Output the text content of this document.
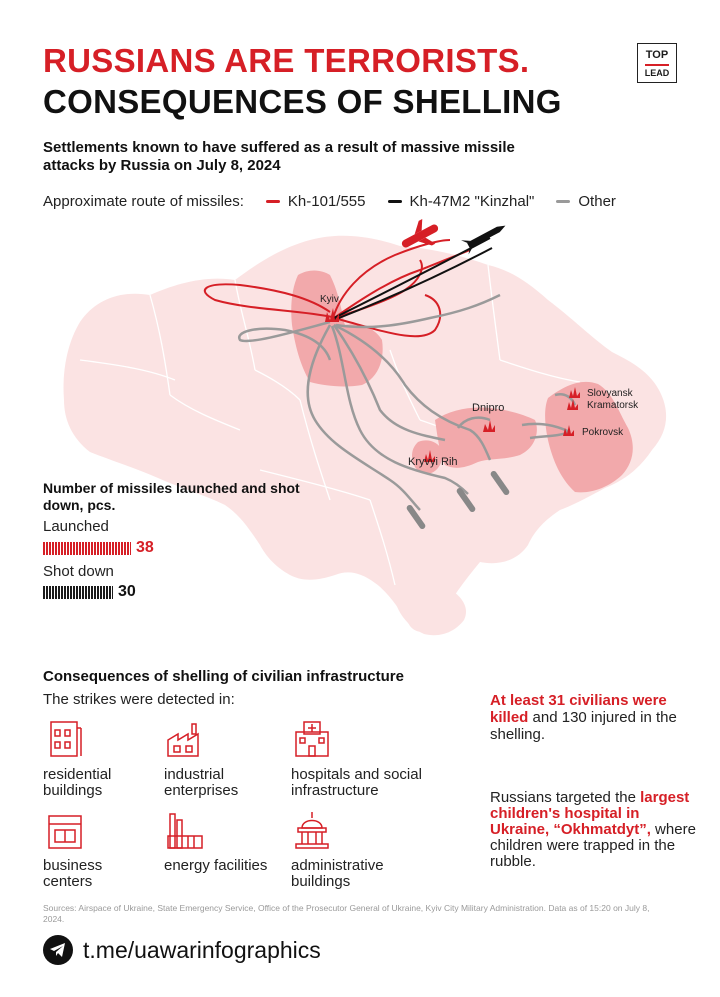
RUSSIANS ARE TERRORISTS.
CONSEQUENCES OF SHELLING
TOP
LEAD
Settlements known to have suffered as a result of massive missile attacks by Russia on July 8, 2024
Approximate route of missiles:	Kh-101/555	Kh-47M2 "Kinzhal"	Other
Kyiv
Dnipro
Kryvyi Rih
Slovyansk
Kramatorsk
Pokrovsk
Number of missiles launched and shot down, pcs.
Launched
38
Shot down
30
Consequences of shelling of civilian infrastructure
The strikes were detected in:
residential buildings
industrial enterprises
hospitals and social infrastructure
business centers
energy facilities	administrative buildings
At least 31 civilians were killed and 130 injured in the shelling.
Russians targeted the largest children's hospital in Ukraine, “Okhmatdyt”, where children were trapped in the rubble.
Sources: Airspace of Ukraine, State Emergency Service, Office of the Prosecutor General of Ukraine, Kyiv City Military Administration. Data as of 15:20 on July 8, 2024.
t.me/uawarinfographics
